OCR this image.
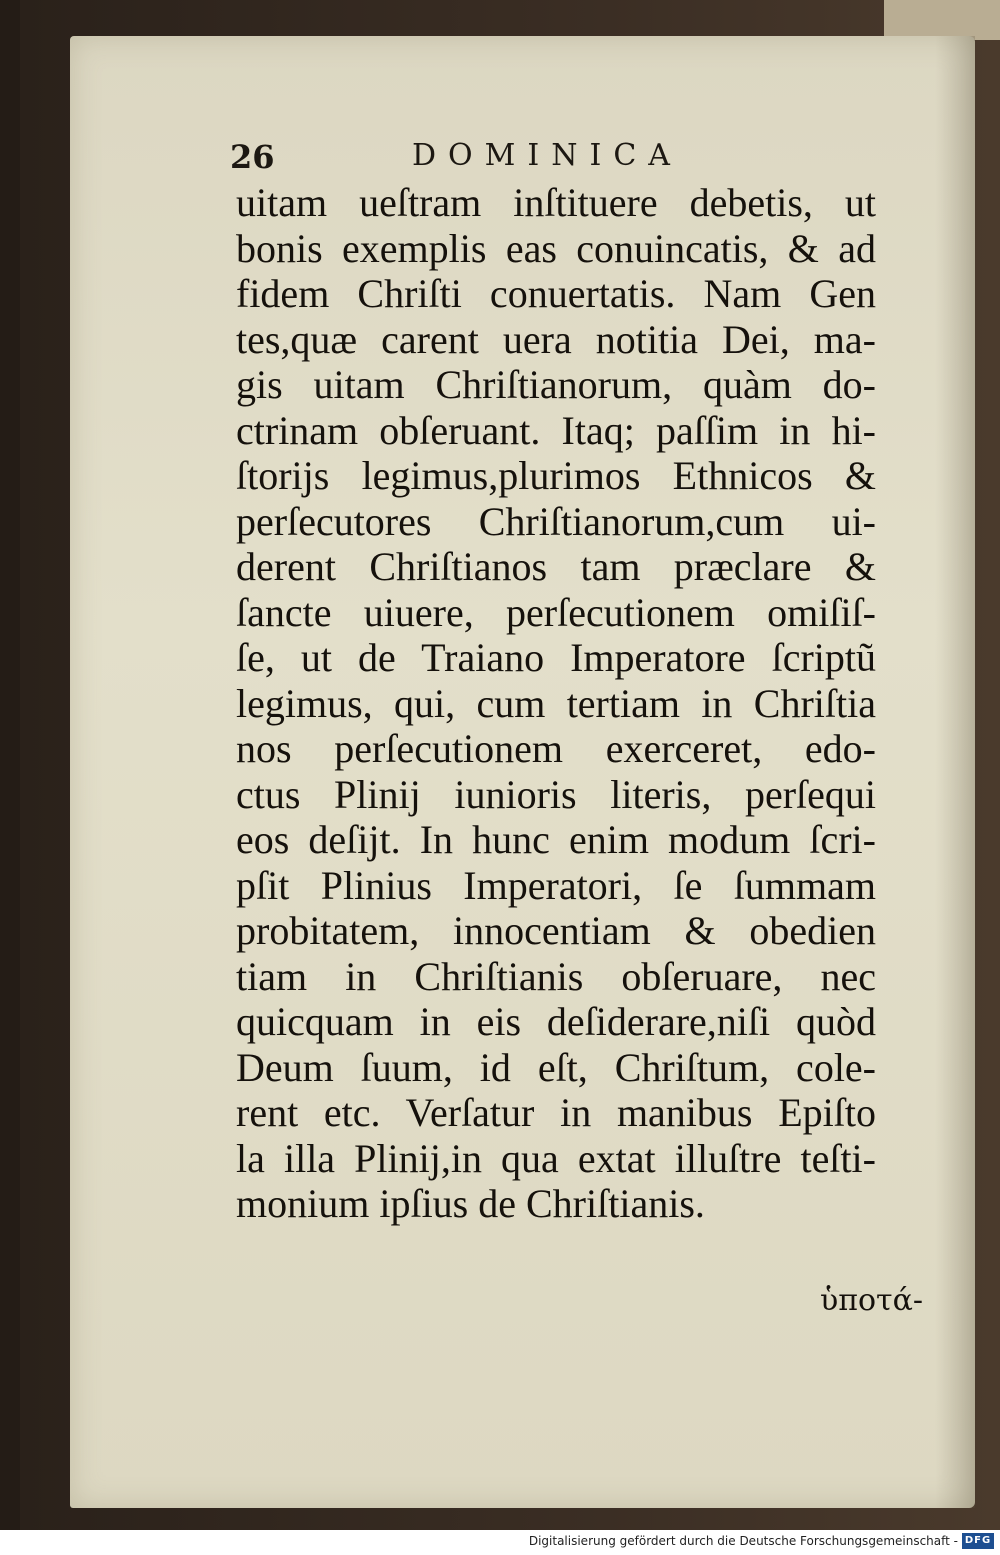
26	DOMINICA
uitam ueſtram inſtituere debetis, ut
bonis exemplis eas conuincatis, & ad
fidem Chriſti conuertatis. Nam Gen
tes,quæ carent uera notitia Dei, ma-
gis uitam Chriſtianorum, quàm do-
ctrinam obſeruant. Itaq; paſſim in hi-
ſtorijs legimus,plurimos Ethnicos &
perſecutores Chriſtianorum,cum ui-
derent Chriſtianos tam præclare &
ſancte uiuere, perſecutionem omiſiſ-
ſe, ut de Traiano Imperatore ſcriptũ
legimus, qui, cum tertiam in Chriſtia
nos perſecutionem exerceret, edo-
ctus Plinij iunioris literis, perſequi
eos deſijt. In hunc enim modum ſcri-
pſit Plinius Imperatori, ſe ſummam
probitatem, innocentiam & obedien
tiam in Chriſtianis obſeruare, nec
quicquam in eis deſiderare,niſi quòd
Deum ſuum, id eſt, Chriſtum, cole-
rent etc. Verſatur in manibus Epiſto
la illa Plinij,in qua extat illuſtre teſti-
monium ipſius de Chriſtianis.
ὑποτά-
Digitalisierung gefördert durch die Deutsche Forschungsgemeinschaft - DFG
